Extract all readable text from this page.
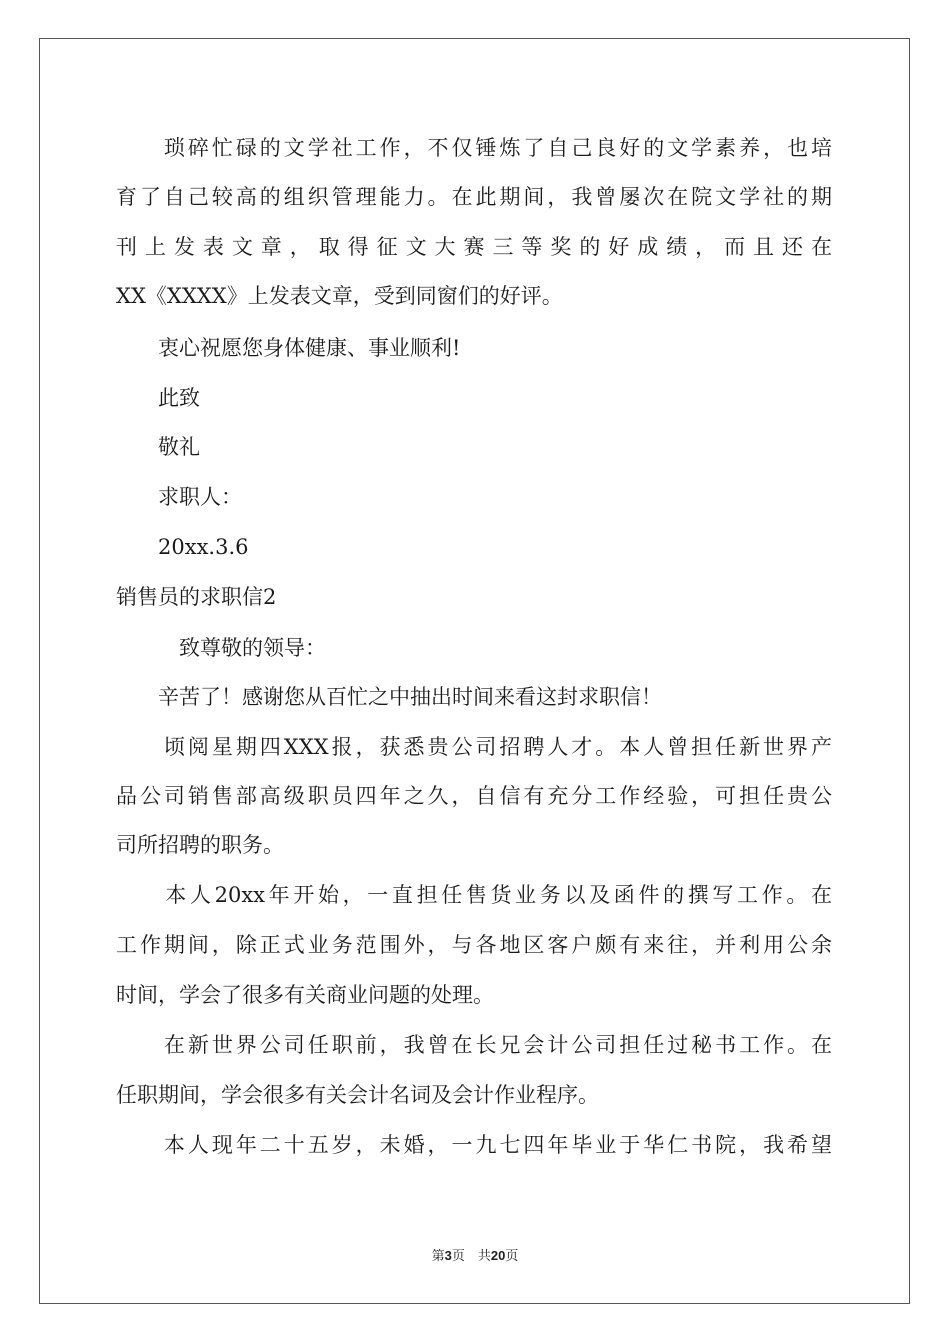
　　琐碎忙碌的文学社工作，不仅锤炼了自己良好的文学素养，也培
育了自己较高的组织管理能力。在此期间，我曾屡次在院文学社的期
刊上发表文章，取得征文大赛三等奖的好成绩，而且还在
XX《XXXX》上发表文章，受到同窗们的好评。
　　衷心祝愿您身体健康、事业顺利!
　　此致
　　敬礼
　　求职人：
　　20xx.3.6
销售员的求职信2
　　　致尊敬的领导：
　　辛苦了！感谢您从百忙之中抽出时间来看这封求职信！
　　顷阅星期四XXX报，获悉贵公司招聘人才。本人曾担任新世界产
品公司销售部高级职员四年之久，自信有充分工作经验，可担任贵公
司所招聘的职务。
　　本人20xx年开始，一直担任售货业务以及函件的撰写工作。在
工作期间，除正式业务范围外，与各地区客户颇有来往，并利用公余
时间，学会了很多有关商业问题的处理。
　　在新世界公司任职前，我曾在长兄会计公司担任过秘书工作。在
任职期间，学会很多有关会计名词及会计作业程序。
　　本人现年二十五岁，未婚，一九七四年毕业于华仁书院，我希望
第3页　共20页
